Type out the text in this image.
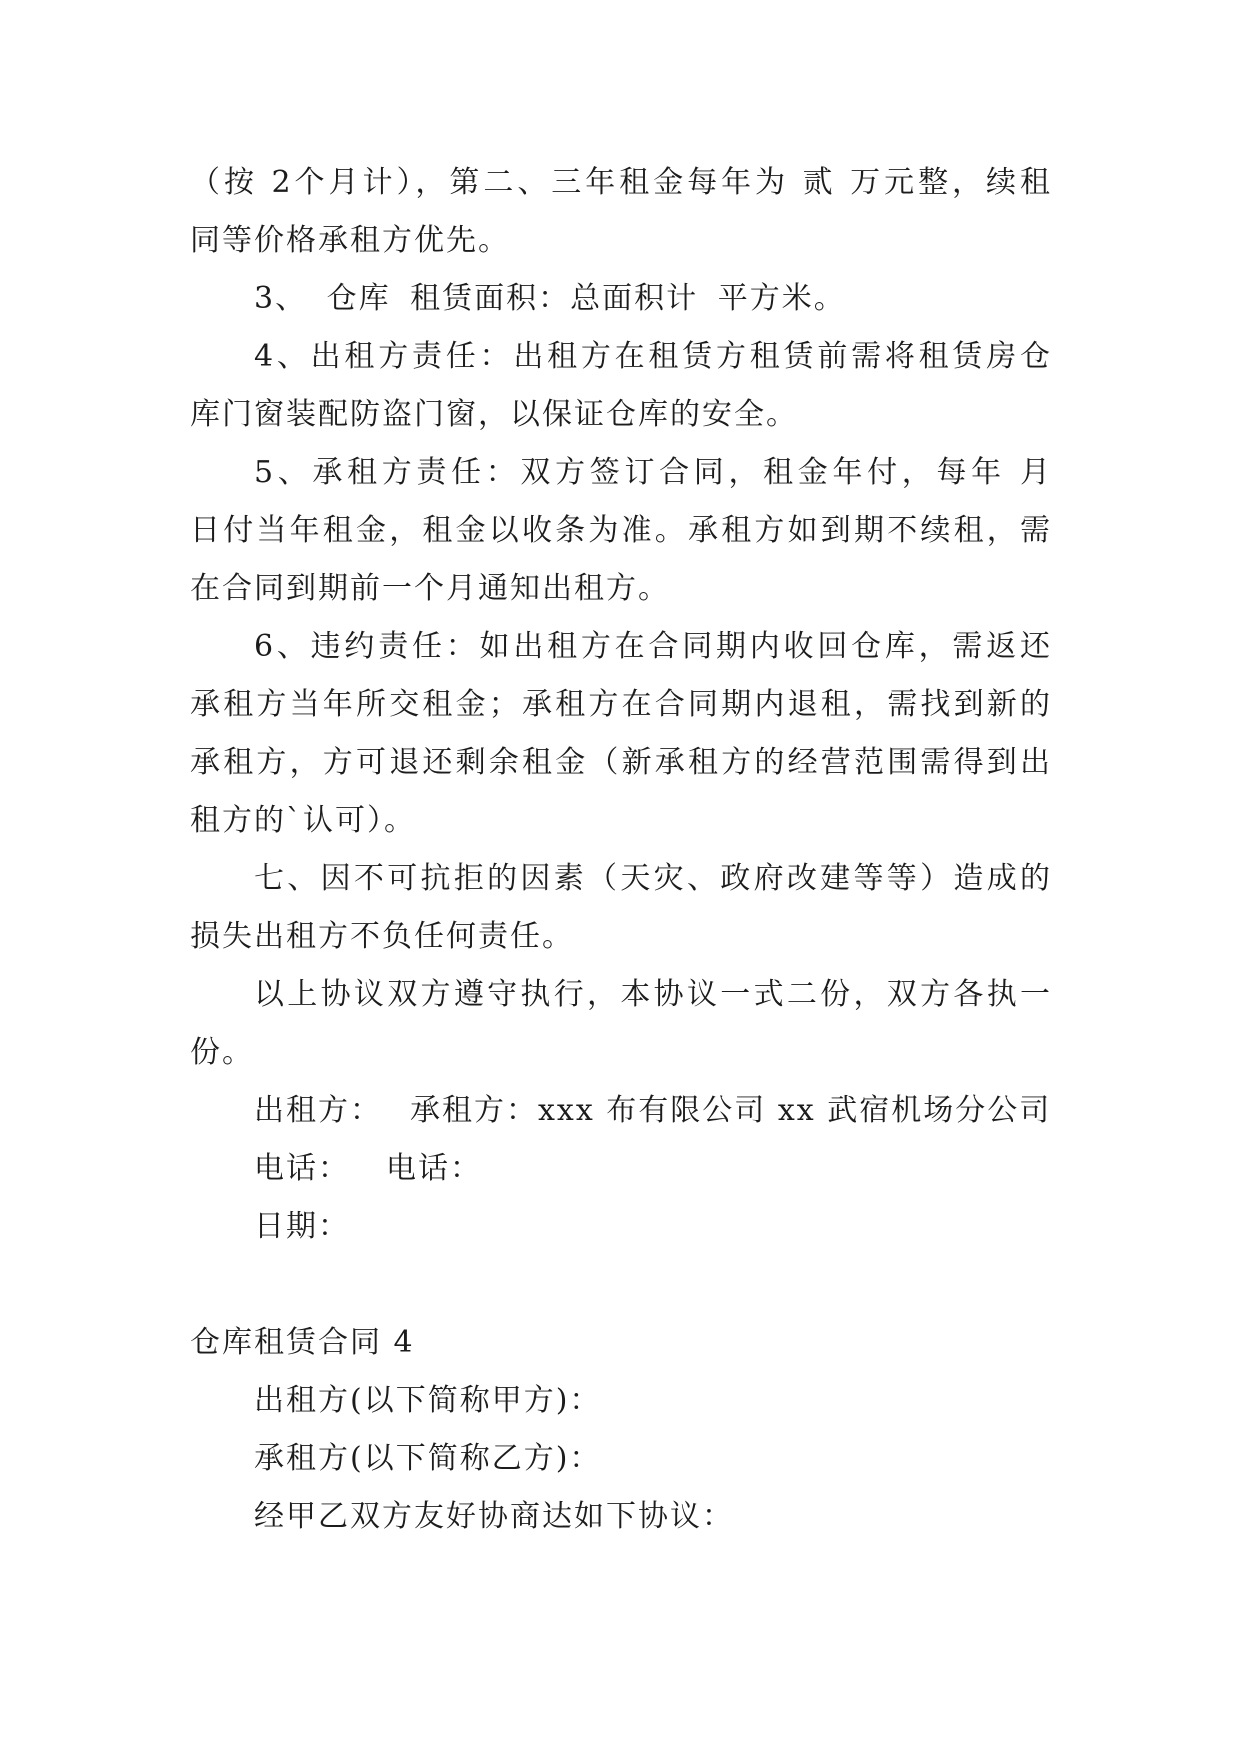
（按 2个月计），第二、三年租金每年为 贰 万元整，续租
同等价格承租方优先。
3、 仓库 租赁面积：总面积计 平方米。
4、出租方责任：出租方在租赁方租赁前需将租赁房仓
库门窗装配防盗门窗，以保证仓库的安全。
5、承租方责任：双方签订合同，租金年付，每年 月
日付当年租金，租金以收条为准。承租方如到期不续租，需
在合同到期前一个月通知出租方。
6、违约责任：如出租方在合同期内收回仓库，需返还
承租方当年所交租金；承租方在合同期内退租，需找到新的
承租方，方可退还剩余租金（新承租方的经营范围需得到出
租方的`认可）。
七、因不可抗拒的因素（天灾、政府改建等等）造成的
损失出租方不负任何责任。
以上协议双方遵守执行，本协议一式二份，双方各执一
份。
出租方： 承租方：xxx 布有限公司 xx 武宿机场分公司
电话： 电话：
日期：
仓库租赁合同 4
出租方(以下简称甲方)：
承租方(以下简称乙方)：
经甲乙双方友好协商达如下协议：
